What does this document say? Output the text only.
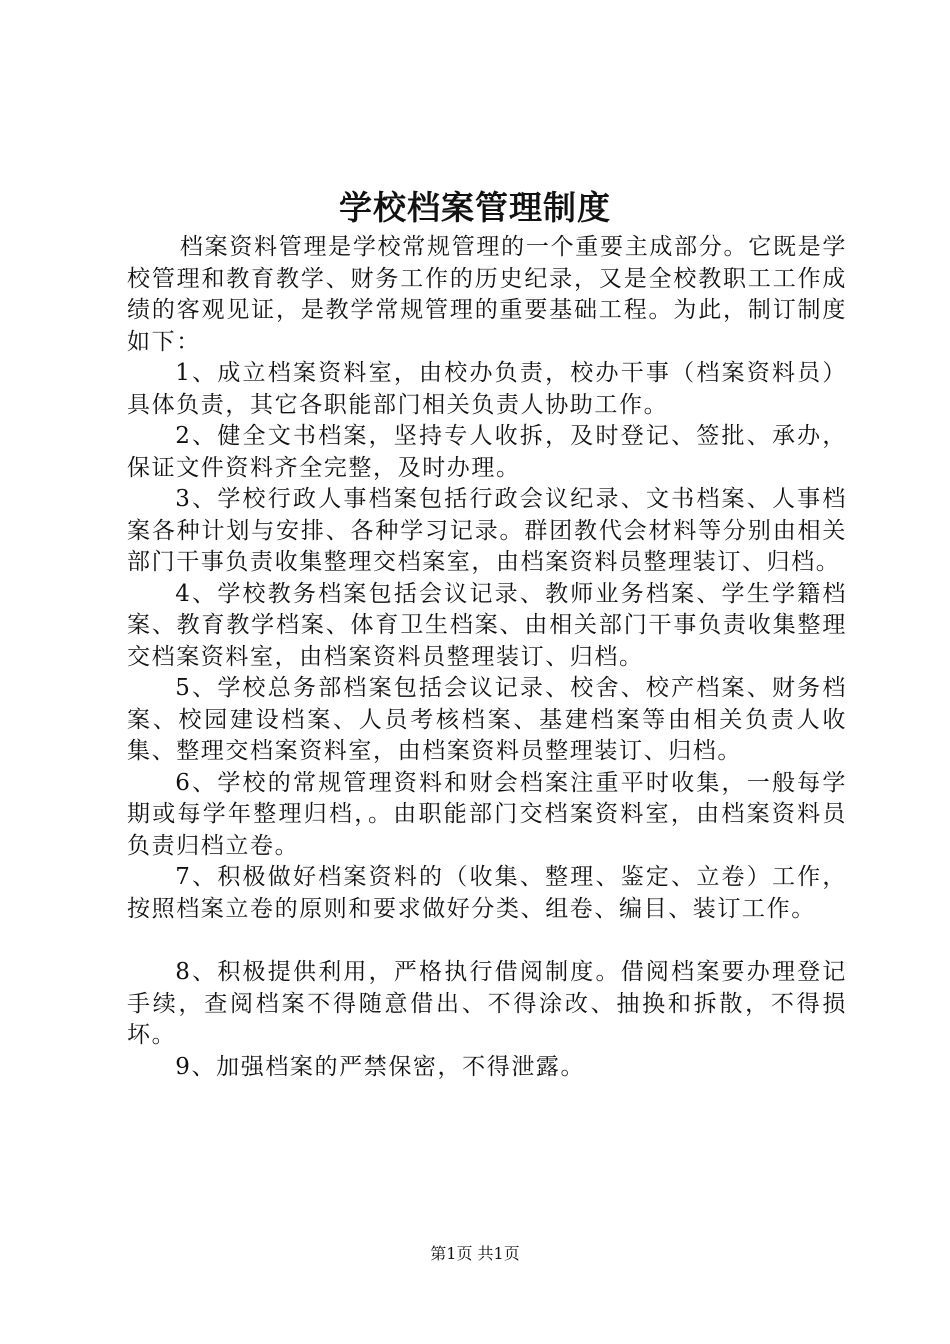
学校档案管理制度

档案资料管理是学校常规管理的一个重要主成部分。它既是学校管理和教育教学、财务工作的历史纪录，又是全校教职工工作成绩的客观见证，是教学常规管理的重要基础工程。为此，制订制度如下：

1、成立档案资料室，由校办负责，校办干事（档案资料员）具体负责，其它各职能部门相关负责人协助工作。

2、健全文书档案，坚持专人收拆，及时登记、签批、承办，保证文件资料齐全完整，及时办理。

3、学校行政人事档案包括行政会议纪录、文书档案、人事档案各种计划与安排、各种学习记录。群团教代会材料等分别由相关部门干事负责收集整理交档案室，由档案资料员整理装订、归档。

4、学校教务档案包括会议记录、教师业务档案、学生学籍档案、教育教学档案、体育卫生档案、由相关部门干事负责收集整理交档案资料室，由档案资料员整理装订、归档。

5、学校总务部档案包括会议记录、校舍、校产档案、财务档案、校园建设档案、人员考核档案、基建档案等由相关负责人收集、整理交档案资料室，由档案资料员整理装订、归档。

6、学校的常规管理资料和财会档案注重平时收集，一般每学期或每学年整理归档，。由职能部门交档案资料室，由档案资料员负责归档立卷。

7、积极做好档案资料的（收集、整理、鉴定、立卷）工作，按照档案立卷的原则和要求做好分类、组卷、编目、装订工作。

8、积极提供利用，严格执行借阅制度。借阅档案要办理登记手续，查阅档案不得随意借出、不得涂改、抽换和拆散，不得损坏。

9、加强档案的严禁保密，不得泄露。

第1页 共1页
